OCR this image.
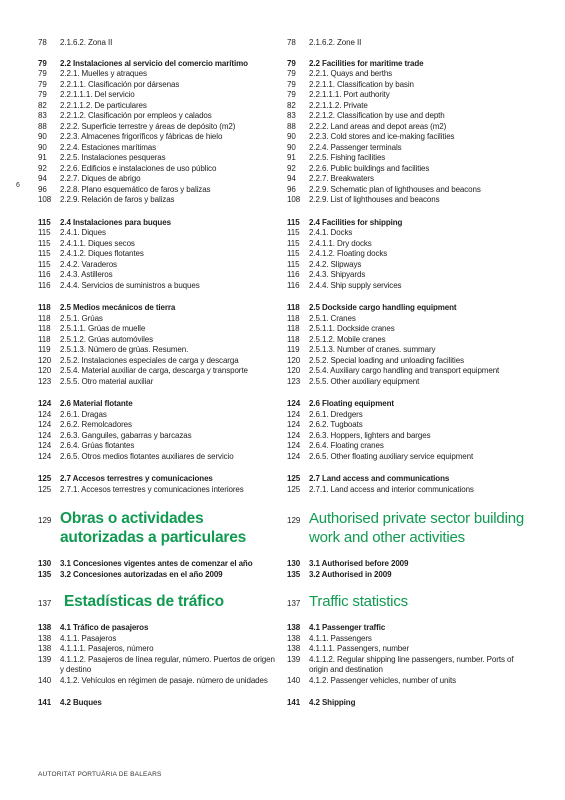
78	2.1.6.2. Zona II
79	2.2 Instalaciones al servicio del comercio marítimo
79	2.2.1. Muelles y atraques
79	2.2.1.1. Clasificación por dársenas
79	2.2.1.1.1. Del servicio
82	2.2.1.1.2. De particulares
83	2.2.1.2. Clasificación por empleos y calados
88	2.2.2. Superficie terrestre y áreas de depósito (m2)
90	2.2.3. Almacenes frigoríficos y fábricas de hielo
90	2.2.4. Estaciones marítimas
91	2.2.5. Instalaciones pesqueras
92	2.2.6. Edificios e instalaciones de uso público
94	2.2.7. Diques de abrigo
96	2.2.8. Plano esquemático de faros y balizas
108	2.2.9. Relación de faros y balizas
115	2.4 Instalaciones para buques
115	2.4.1. Diques
115	2.4.1.1. Diques secos
115	2.4.1.2. Diques flotantes
115	2.4.2. Varaderos
116	2.4.3. Astilleros
116	2.4.4. Servicios de suministros a buques
118	2.5 Medios mecánicos de tierra
118	2.5.1. Grúas
118	2.5.1.1. Grúas de muelle
118	2.5.1.2. Grúas automóviles
119	2.5.1.3. Número de grúas. Resumen.
120	2.5.2. Instalaciones especiales de carga y descarga
120	2.5.4. Material auxiliar de carga, descarga y transporte
123	2.5.5. Otro material auxiliar
124	2.6 Material flotante
124	2.6.1. Dragas
124	2.6.2. Remolcadores
124	2.6.3. Ganguiles, gabarras y barcazas
124	2.6.4. Grúas flotantes
124	2.6.5. Otros medios flotantes auxiliares de servicio
125	2.7 Accesos terrestres y comunicaciones
125	2.7.1. Accesos terrestres y comunicaciones interiores
129 Obras o actividades autorizadas a particulares
130	3.1 Concesiones vigentes antes de comenzar el año
135	3.2 Concesiones autorizadas en el año 2009
137 Estadísticas de tráfico
138	4.1 Tráfico de pasajeros
138	4.1.1. Pasajeros
138	4.1.1.1. Pasajeros, número
139	4.1.1.2. Pasajeros de línea regular, número. Puertos de origen y destino
140	4.1.2. Vehículos en régimen de pasaje. número de unidades
141	4.2 Buques
78	2.1.6.2. Zone II
79	2.2 Facilities for maritime trade
79	2.2.1. Quays and berths
79	2.2.1.1. Classification by basin
79	2.2.1.1.1. Port authority
82	2.2.1.1.2. Private
83	2.2.1.2. Classification by use and depth
88	2.2.2. Land areas and depot areas (m2)
90	2.2.3. Cold stores and ice-making facilities
90	2.2.4. Passenger terminals
91	2.2.5. Fishing facilities
92	2.2.6. Public buildings and facilities
94	2.2.7. Breakwaters
96	2.2.9. Schematic plan of lighthouses and beacons
108	2.2.9. List of lighthouses and beacons
115	2.4 Facilities for shipping
115	2.4.1. Docks
115	2.4.1.1. Dry docks
115	2.4.1.2. Floating docks
115	2.4.2. Slipways
116	2.4.3. Shipyards
116	2.4.4. Ship supply services
118	2.5 Dockside cargo handling equipment
118	2.5.1. Cranes
118	2.5.1.1. Dockside cranes
118	2.5.1.2. Mobile cranes
119	2.5.1.3. Number of cranes. summary
120	2.5.2. Special loading and unloading facilities
120	2.5.4. Auxiliary cargo handling and transport equipment
123	2.5.5. Other auxiliary equipment
124	2.6 Floating equipment
124	2.6.1. Dredgers
124	2.6.2. Tugboats
124	2.6.3. Hoppers, lighters and barges
124	2.6.4. Floating cranes
124	2.6.5. Other floating auxiliary service equipment
125	2.7 Land access and communications
125	2.7.1. Land access and interior communications
129 Authorised private sector building work and other activities
130	3.1 Authorised before 2009
135	3.2 Authorised in 2009
137 Traffic statistics
138	4.1 Passenger traffic
138	4.1.1. Passengers
138	4.1.1.1. Passengers, number
139	4.1.1.2. Regular shipping line passengers, number. Ports of origin and destination
140	4.1.2. Passenger vehicles, number of units
141	4.2 Shipping
6
AUTORITAT PORTUÀRIA DE BALEARS
